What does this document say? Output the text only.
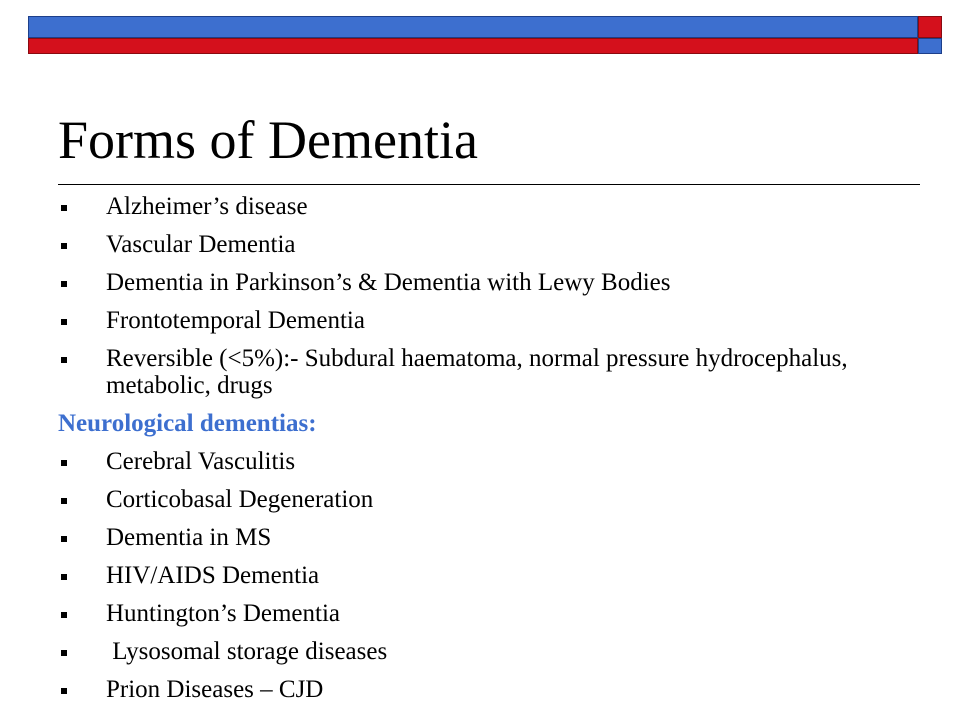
Forms of Dementia
Alzheimer’s disease
Vascular Dementia
Dementia in Parkinson’s & Dementia with Lewy Bodies
Frontotemporal Dementia
Reversible (<5%):- Subdural haematoma, normal pressure hydrocephalus, metabolic, drugs
Neurological dementias:
Cerebral Vasculitis
Corticobasal Degeneration
Dementia in MS
HIV/AIDS Dementia
Huntington’s Dementia
Lysosomal storage diseases
Prion Diseases – CJD
